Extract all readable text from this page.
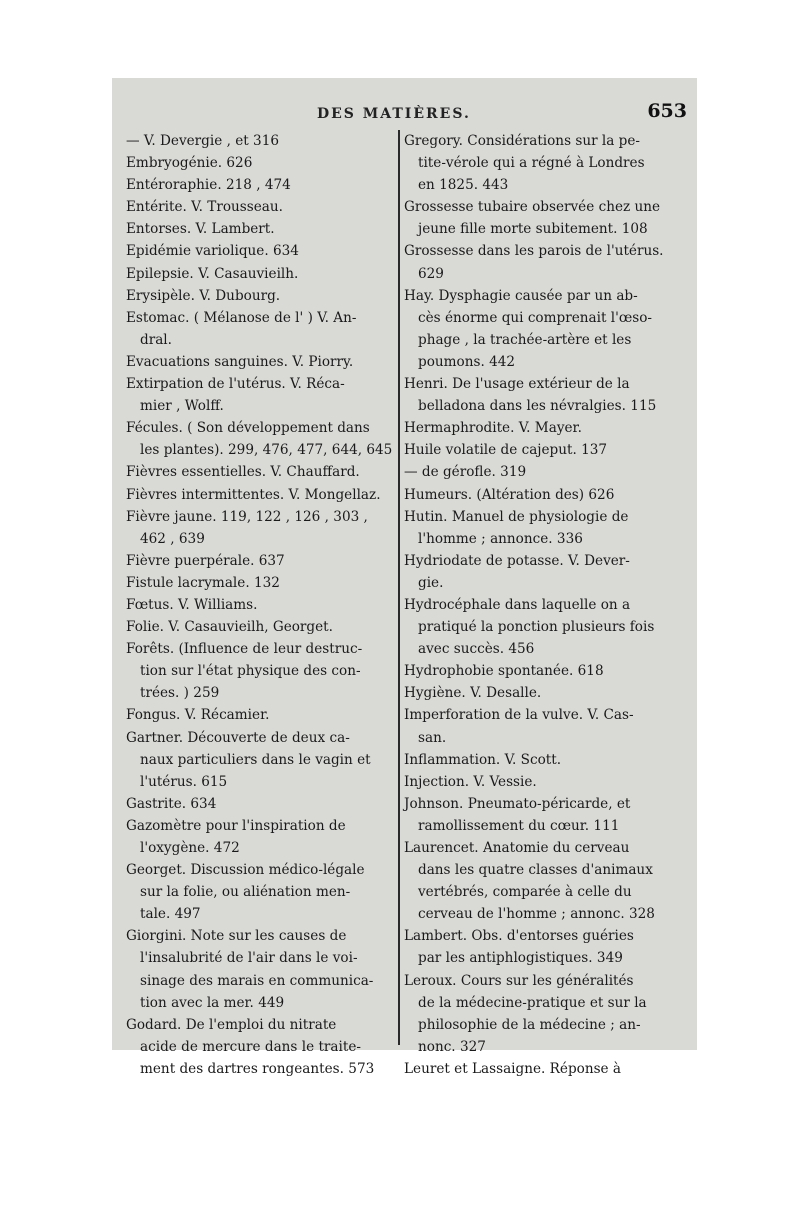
DES MATIÈRES.	653
— V. Devergie , et 316
Embryogénie. 626
Entéroraphie. 218 , 474
Entérite. V. Trousseau.
Entorses. V. Lambert.
Epidémie variolique. 634
Epilepsie. V. Casauvieilh.
Erysipèle. V. Dubourg.
Estomac. ( Mélanose de l' ) V. An-
dral.
Evacuations sanguines. V. Piorry.
Extirpation de l'utérus. V. Réca-
mier , Wolff.
Fécules. ( Son développement dans
les plantes). 299, 476, 477, 644, 645
Fièvres essentielles. V. Chauffard.
Fièvres intermittentes. V. Mongellaz.
Fièvre jaune. 119, 122 , 126 , 303 ,
462 , 639
Fièvre puerpérale. 637
Fistule lacrymale. 132
Fœtus. V. Williams.
Folie. V. Casauvieilh, Georget.
Forêts. (Influence de leur destruc-
tion sur l'état physique des con-
trées. ) 259
Fongus. V. Récamier.
Gartner. Découverte de deux ca-
naux particuliers dans le vagin et
l'utérus. 615
Gastrite. 634
Gazomètre pour l'inspiration de
l'oxygène. 472
Georget. Discussion médico-légale
sur la folie, ou aliénation men-
tale. 497
Giorgini. Note sur les causes de
l'insalubrité de l'air dans le voi-
sinage des marais en communica-
tion avec la mer. 449
Godard. De l'emploi du nitrate
acide de mercure dans le traite-
ment des dartres rongeantes. 573
Gregory. Considérations sur la pe-
tite-vérole qui a régné à Londres
en 1825. 443
Grossesse tubaire observée chez une
jeune fille morte subitement. 108
Grossesse dans les parois de l'utérus.
629
Hay. Dysphagie causée par un ab-
cès énorme qui comprenait l'œso-
phage , la trachée-artère et les
poumons. 442
Henri. De l'usage extérieur de la
belladona dans les névralgies. 115
Hermaphrodite. V. Mayer.
Huile volatile de cajeput. 137
— de gérofle. 319
Humeurs. (Altération des) 626
Hutin. Manuel de physiologie de
l'homme ; annonce. 336
Hydriodate de potasse. V. Dever-
gie.
Hydrocéphale dans laquelle on a
pratiqué la ponction plusieurs fois
avec succès. 456
Hydrophobie spontanée. 618
Hygiène. V. Desalle.
Imperforation de la vulve. V. Cas-
san.
Inflammation. V. Scott.
Injection. V. Vessie.
Johnson. Pneumato-péricarde, et
ramollissement du cœur. 111
Laurencet. Anatomie du cerveau
dans les quatre classes d'animaux
vertébrés, comparée à celle du
cerveau de l'homme ; annonc. 328
Lambert. Obs. d'entorses guéries
par les antiphlogistiques. 349
Leroux. Cours sur les généralités
de la médecine-pratique et sur la
philosophie de la médecine ; an-
nonc. 327
Leuret et Lassaigne. Réponse à
